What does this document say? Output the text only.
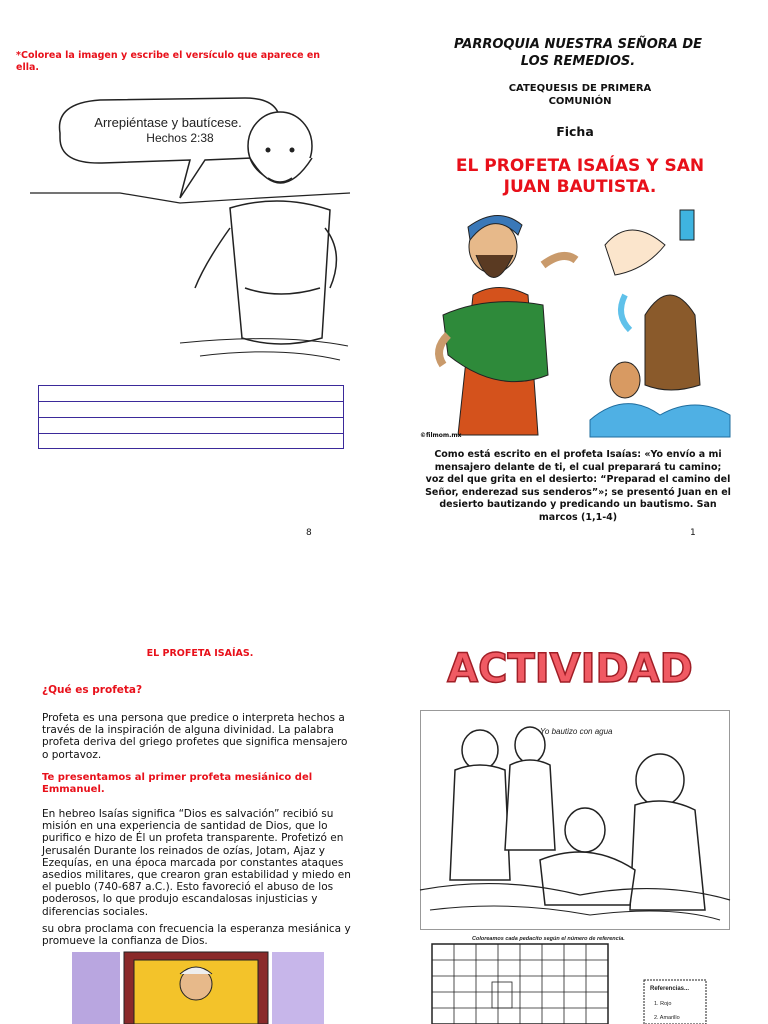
*Colorea la imagen y escribe el versículo que aparece en ella.
Arrepiéntase y bautícese.
Hechos 2:38
8
PARROQUIA NUESTRA SEÑORA DE
LOS REMEDIOS.
CATEQUESIS DE PRIMERA
COMUNIÓN
Ficha
EL PROFETA ISAÍAS Y SAN
JUAN BAUTISTA.
©filmom.mx
Como está escrito en el profeta Isaías: «Yo envío a mi mensajero delante de ti, el cual preparará tu camino; voz del que grita en el desierto: “Preparad el camino del Señor, enderezad sus senderos”»; se presentó Juan en el desierto bautizando y predicando un bautismo. San marcos (1,1-4)
1
EL PROFETA ISAÍAS.
¿Qué es profeta?
Profeta es una persona que predice o interpreta hechos a través de la inspiración de alguna divinidad. La palabra profeta deriva del griego profetes que significa mensajero o portavoz.
Te presentamos al primer profeta mesiánico del Emmanuel.
En hebreo Isaías significa “Dios es salvación” recibió su misión en una experiencia de santidad de Dios, que lo purifico e hizo de Él un profeta transparente. Profetizó en Jerusalén Durante los reinados de ozías, Jotam, Ajaz y Ezequías, en una época marcada por constantes ataques asedios militares, que crearon gran estabilidad y miedo en el pueblo (740-687 a.C.). Esto favoreció el abuso de los poderosos, lo que produjo escandalosas injusticias y diferencias sociales.
su obra proclama con frecuencia la esperanza mesiánica y promueve la confianza de Dios.
ACTIVIDAD
Yo bautizo con agua
Coloreamos cada pedacito según el número de referencia.
Referencias...
1. Rojo
2. Amarillo
